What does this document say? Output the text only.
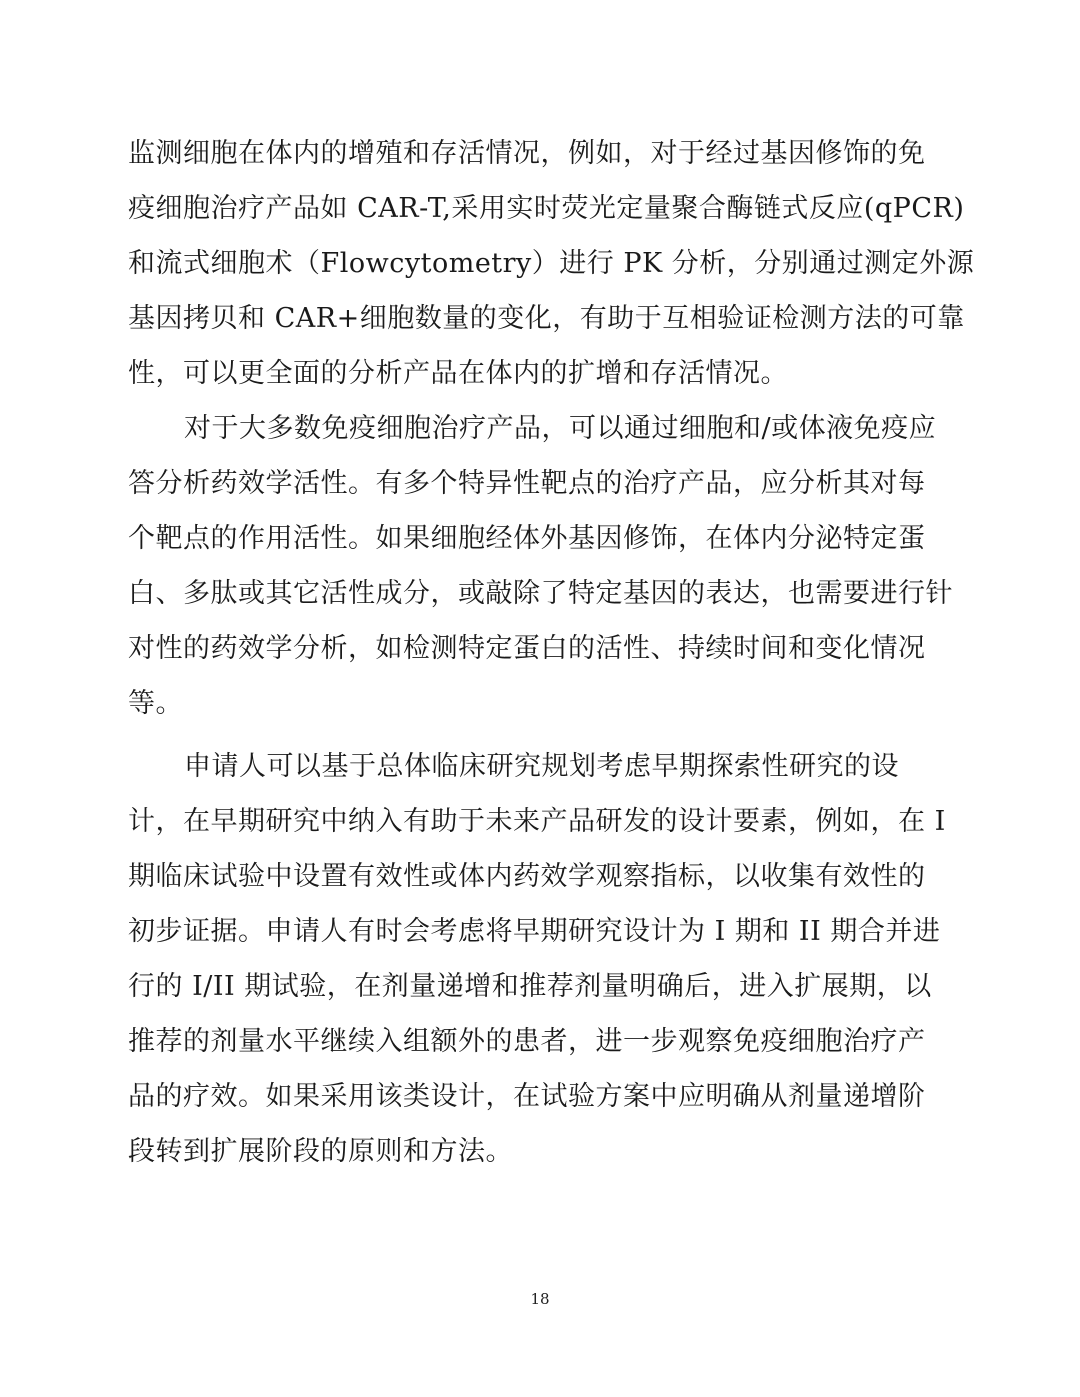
监测细胞在体内的增殖和存活情况，例如，对于经过基因修饰的免
疫细胞治疗产品如 CAR-T,采用实时荧光定量聚合酶链式反应(qPCR)
和流式细胞术（Flowcytometry）进行 PK 分析，分别通过测定外源
基因拷贝和 CAR+细胞数量的变化，有助于互相验证检测方法的可靠
性，可以更全面的分析产品在体内的扩增和存活情况。
对于大多数免疫细胞治疗产品，可以通过细胞和/或体液免疫应
答分析药效学活性。有多个特异性靶点的治疗产品，应分析其对每
个靶点的作用活性。如果细胞经体外基因修饰，在体内分泌特定蛋
白、多肽或其它活性成分，或敲除了特定基因的表达，也需要进行针
对性的药效学分析，如检测特定蛋白的活性、持续时间和变化情况
等。
申请人可以基于总体临床研究规划考虑早期探索性研究的设
计，在早期研究中纳入有助于未来产品研发的设计要素，例如，在 I
期临床试验中设置有效性或体内药效学观察指标，以收集有效性的
初步证据。申请人有时会考虑将早期研究设计为 I 期和 II 期合并进
行的 I/II 期试验，在剂量递增和推荐剂量明确后，进入扩展期，以
推荐的剂量水平继续入组额外的患者，进一步观察免疫细胞治疗产
品的疗效。如果采用该类设计，在试验方案中应明确从剂量递增阶
段转到扩展阶段的原则和方法。
18
